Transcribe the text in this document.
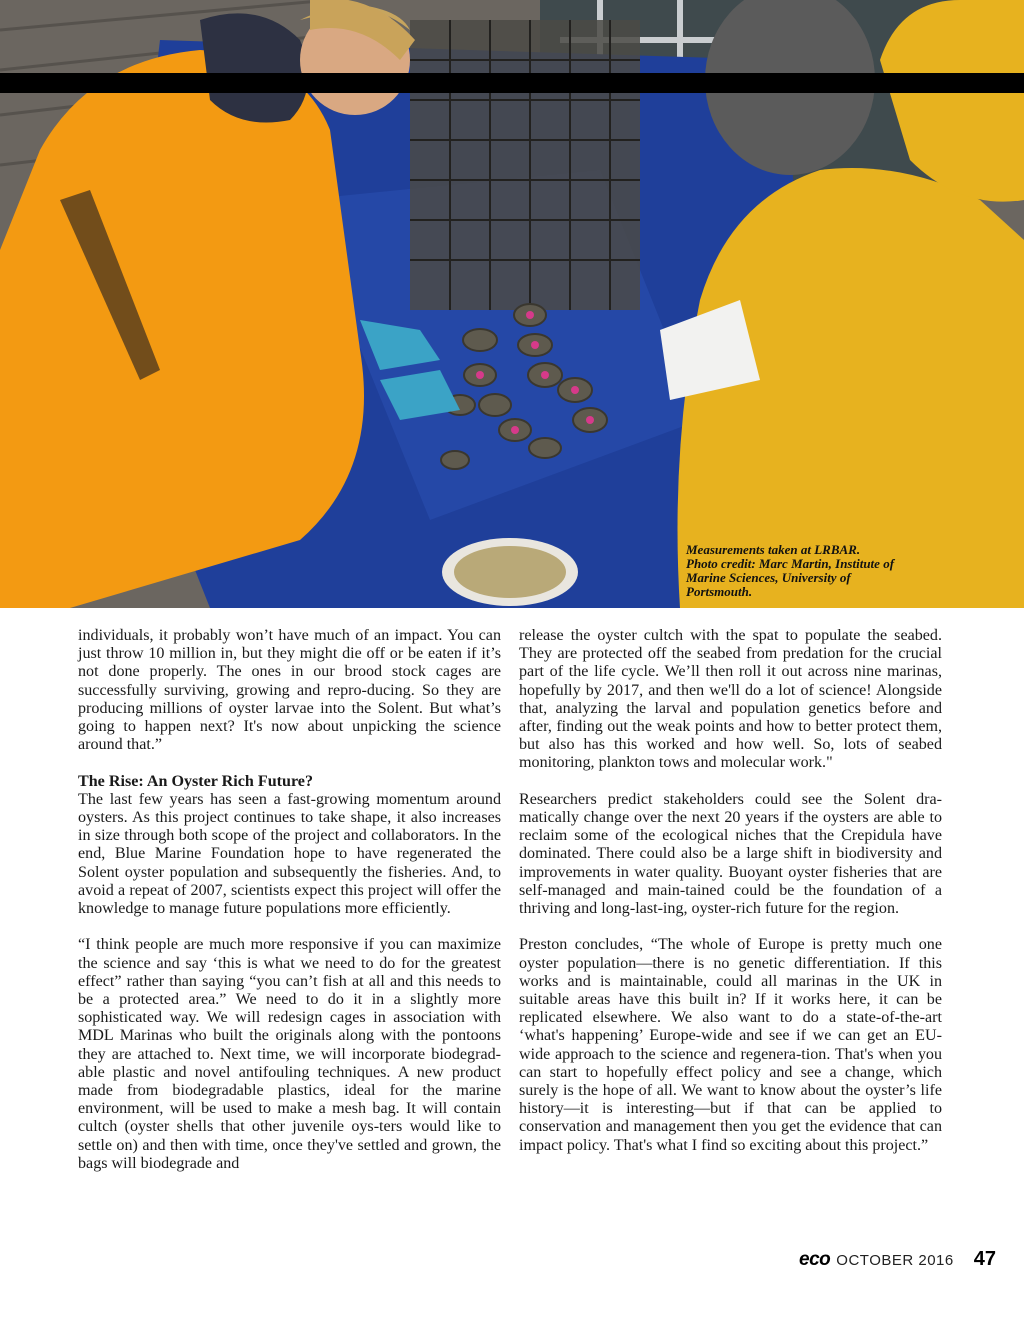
Measurements taken at LRBAR.
Photo credit: Marc Martin, Institute of
Marine Sciences, University of
Portsmouth.

individuals, it probably won’t have much of an impact. You can just throw 10 million in, but they might die off or be eaten if it’s not done properly. The ones in our brood stock cages are successfully surviving, growing and repro-ducing. So they are producing millions of oyster larvae into the Solent. But what’s going to happen next? It's now about unpicking the science around that.”

The Rise: An Oyster Rich Future?

The last few years has seen a fast-growing momentum around oysters. As this project continues to take shape, it also increases in size through both scope of the project and collaborators. In the end, Blue Marine Foundation hope to have regenerated the Solent oyster population and subsequently the fisheries. And, to avoid a repeat of 2007, scientists expect this project will offer the knowledge to manage future populations more efficiently.

“I think people are much more responsive if you can maximize the science and say ‘this is what we need to do for the greatest effect” rather than saying “you can’t fish at all and this needs to be a protected area.” We need to do it in a slightly more sophisticated way. We will redesign cages in association with MDL Marinas who built the originals along with the pontoons they are attached to. Next time, we will incorporate biodegrad-able plastic and novel antifouling techniques. A new product made from biodegradable plastics, ideal for the marine environment, will be used to make a mesh bag. It will contain cultch (oyster shells that other juvenile oys-ters would like to settle on) and then with time, once they've settled and grown, the bags will biodegrade and

release the oyster cultch with the spat to populate the seabed. They are protected off the seabed from predation for the crucial part of the life cycle. We’ll then roll it out across nine marinas, hopefully by 2017, and then we'll do a lot of science! Alongside that, analyzing the larval and population genetics before and after, finding out the weak points and how to better protect them, but also has this worked and how well. So, lots of seabed monitoring, plankton tows and molecular work."

Researchers predict stakeholders could see the Solent dra-matically change over the next 20 years if the oysters are able to reclaim some of the ecological niches that the Crepidula have dominated. There could also be a large shift in biodiversity and improvements in water quality. Buoyant oyster fisheries that are self-managed and main-tained could be the foundation of a thriving and long-last-ing, oyster-rich future for the region.

Preston concludes, “The whole of Europe is pretty much one oyster population—there is no genetic differentiation. If this works and is maintainable, could all marinas in the UK in suitable areas have this built in? If it works here, it can be replicated elsewhere. We also want to do a state-of-the-art ‘what's happening’ Europe-wide and see if we can get an EU-wide approach to the science and regenera-tion. That's when you can start to hopefully effect policy and see a change, which surely is the hope of all. We want to know about the oyster’s life history—it is interesting—but if that can be applied to conservation and management then you get the evidence that can impact policy. That's what I find so exciting about this project.”

eco OCTOBER 2016 47
